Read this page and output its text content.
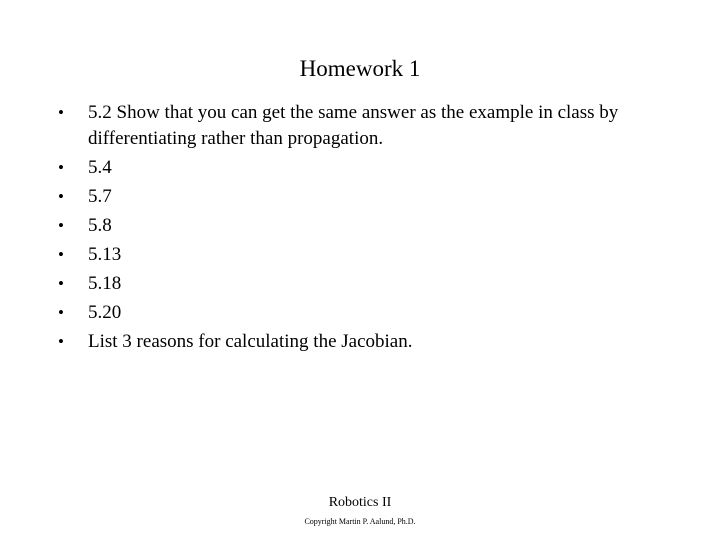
Homework 1
•	5.2 Show that you can get the same answer as the example in class by differentiating rather than propagation.
•	5.4
•	5.7
•	5.8
•	5.13
•	5.18
•	5.20
•	List 3 reasons for calculating the Jacobian.
Robotics II
Copyright Martin P. Aalund, Ph.D.
